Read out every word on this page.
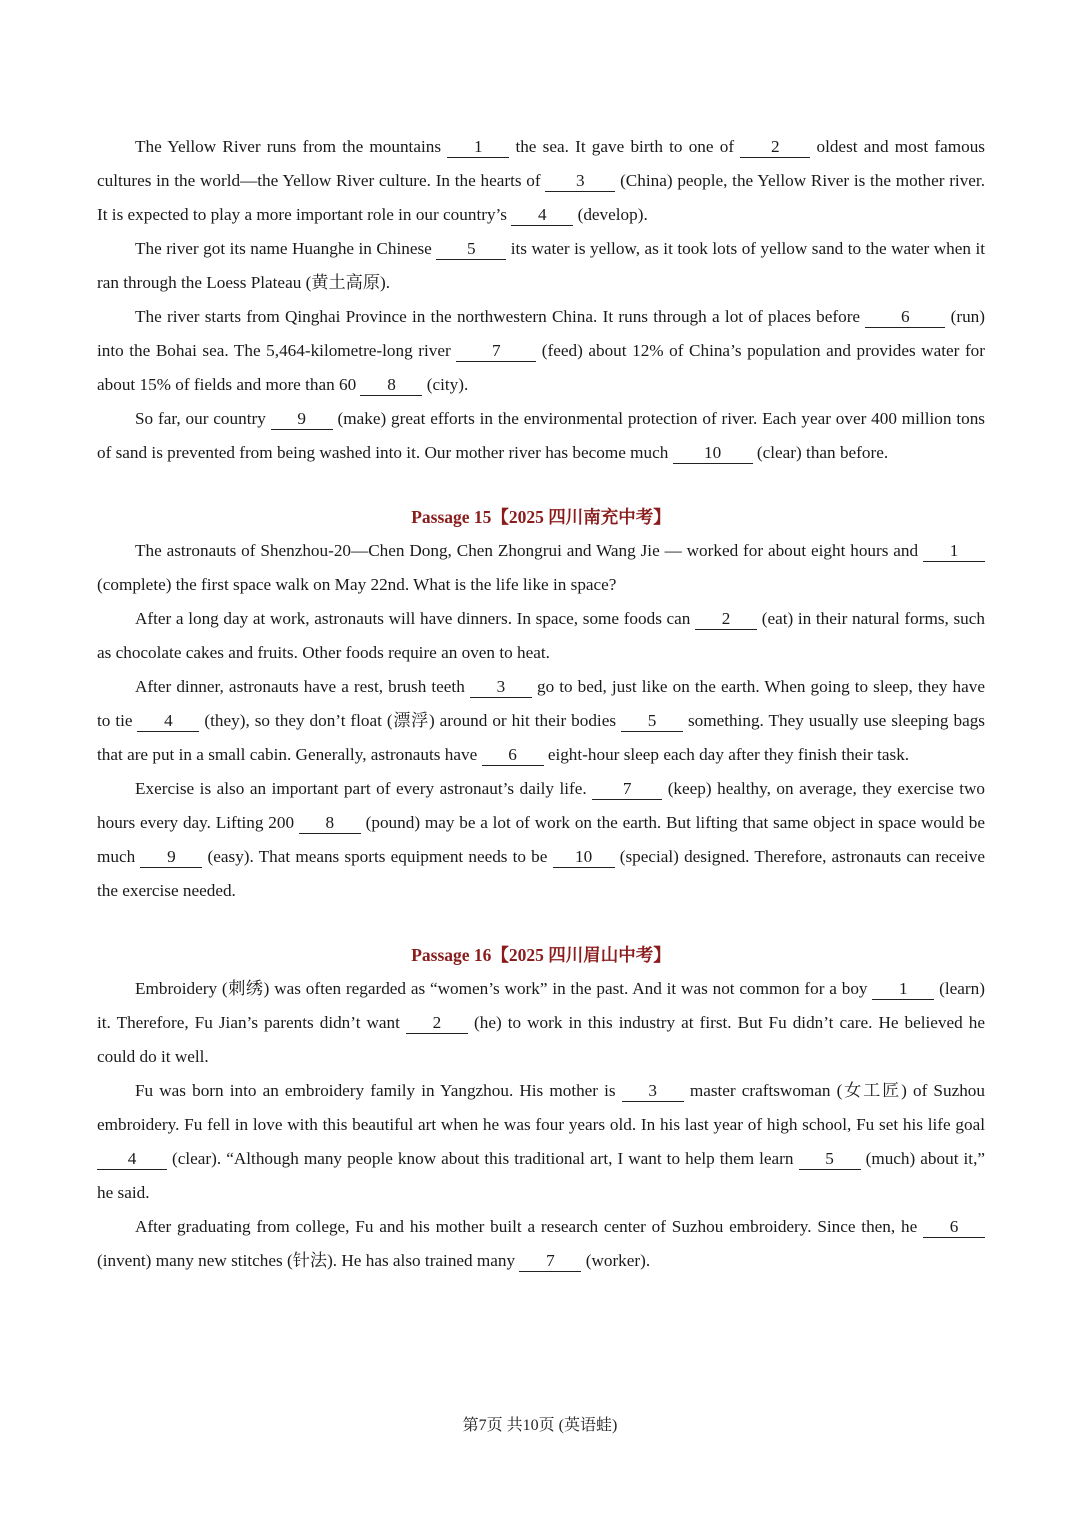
The Yellow River runs from the mountains 1 the sea. It gave birth to one of 2 oldest and most famous cultures in the world—the Yellow River culture. In the hearts of 3 (China) people, the Yellow River is the mother river. It is expected to play a more important role in our country’s 4 (develop).

The river got its name Huanghe in Chinese 5 its water is yellow, as it took lots of yellow sand to the water when it ran through the Loess Plateau (黄土高原).

The river starts from Qinghai Province in the northwestern China. It runs through a lot of places before 6 (run) into the Bohai sea. The 5,464-kilometre-long river 7 (feed) about 12% of China’s population and provides water for about 15% of fields and more than 60 8 (city).

So far, our country 9 (make) great efforts in the environmental protection of river. Each year over 400 million tons of sand is prevented from being washed into it. Our mother river has become much 10 (clear) than before.

Passage 15【2025 四川南充中考】

The astronauts of Shenzhou-20—Chen Dong, Chen Zhongrui and Wang Jie — worked for about eight hours and 1 (complete) the first space walk on May 22nd. What is the life like in space?

After a long day at work, astronauts will have dinners. In space, some foods can 2 (eat) in their natural forms, such as chocolate cakes and fruits. Other foods require an oven to heat.

After dinner, astronauts have a rest, brush teeth 3 go to bed, just like on the earth. When going to sleep, they have to tie 4 (they), so they don’t float (漂浮) around or hit their bodies 5 something. They usually use sleeping bags that are put in a small cabin. Generally, astronauts have 6 eight-hour sleep each day after they finish their task.

Exercise is also an important part of every astronaut’s daily life. 7 (keep) healthy, on average, they exercise two hours every day. Lifting 200 8 (pound) may be a lot of work on the earth. But lifting that same object in space would be much 9 (easy). That means sports equipment needs to be 10 (special) designed. Therefore, astronauts can receive the exercise needed.

Passage 16【2025 四川眉山中考】

Embroidery (刺绣) was often regarded as “women’s work” in the past. And it was not common for a boy 1 (learn) it. Therefore, Fu Jian’s parents didn’t want 2 (he) to work in this industry at first. But Fu didn’t care. He believed he could do it well.

Fu was born into an embroidery family in Yangzhou. His mother is 3 master craftswoman (女工匠) of Suzhou embroidery. Fu fell in love with this beautiful art when he was four years old. In his last year of high school, Fu set his life goal 4 (clear). “Although many people know about this traditional art, I want to help them learn 5 (much) about it,” he said.

After graduating from college, Fu and his mother built a research center of Suzhou embroidery. Since then, he 6 (invent) many new stitches (针法). He has also trained many 7 (worker).

第7页 共10页 (英语蛙)
